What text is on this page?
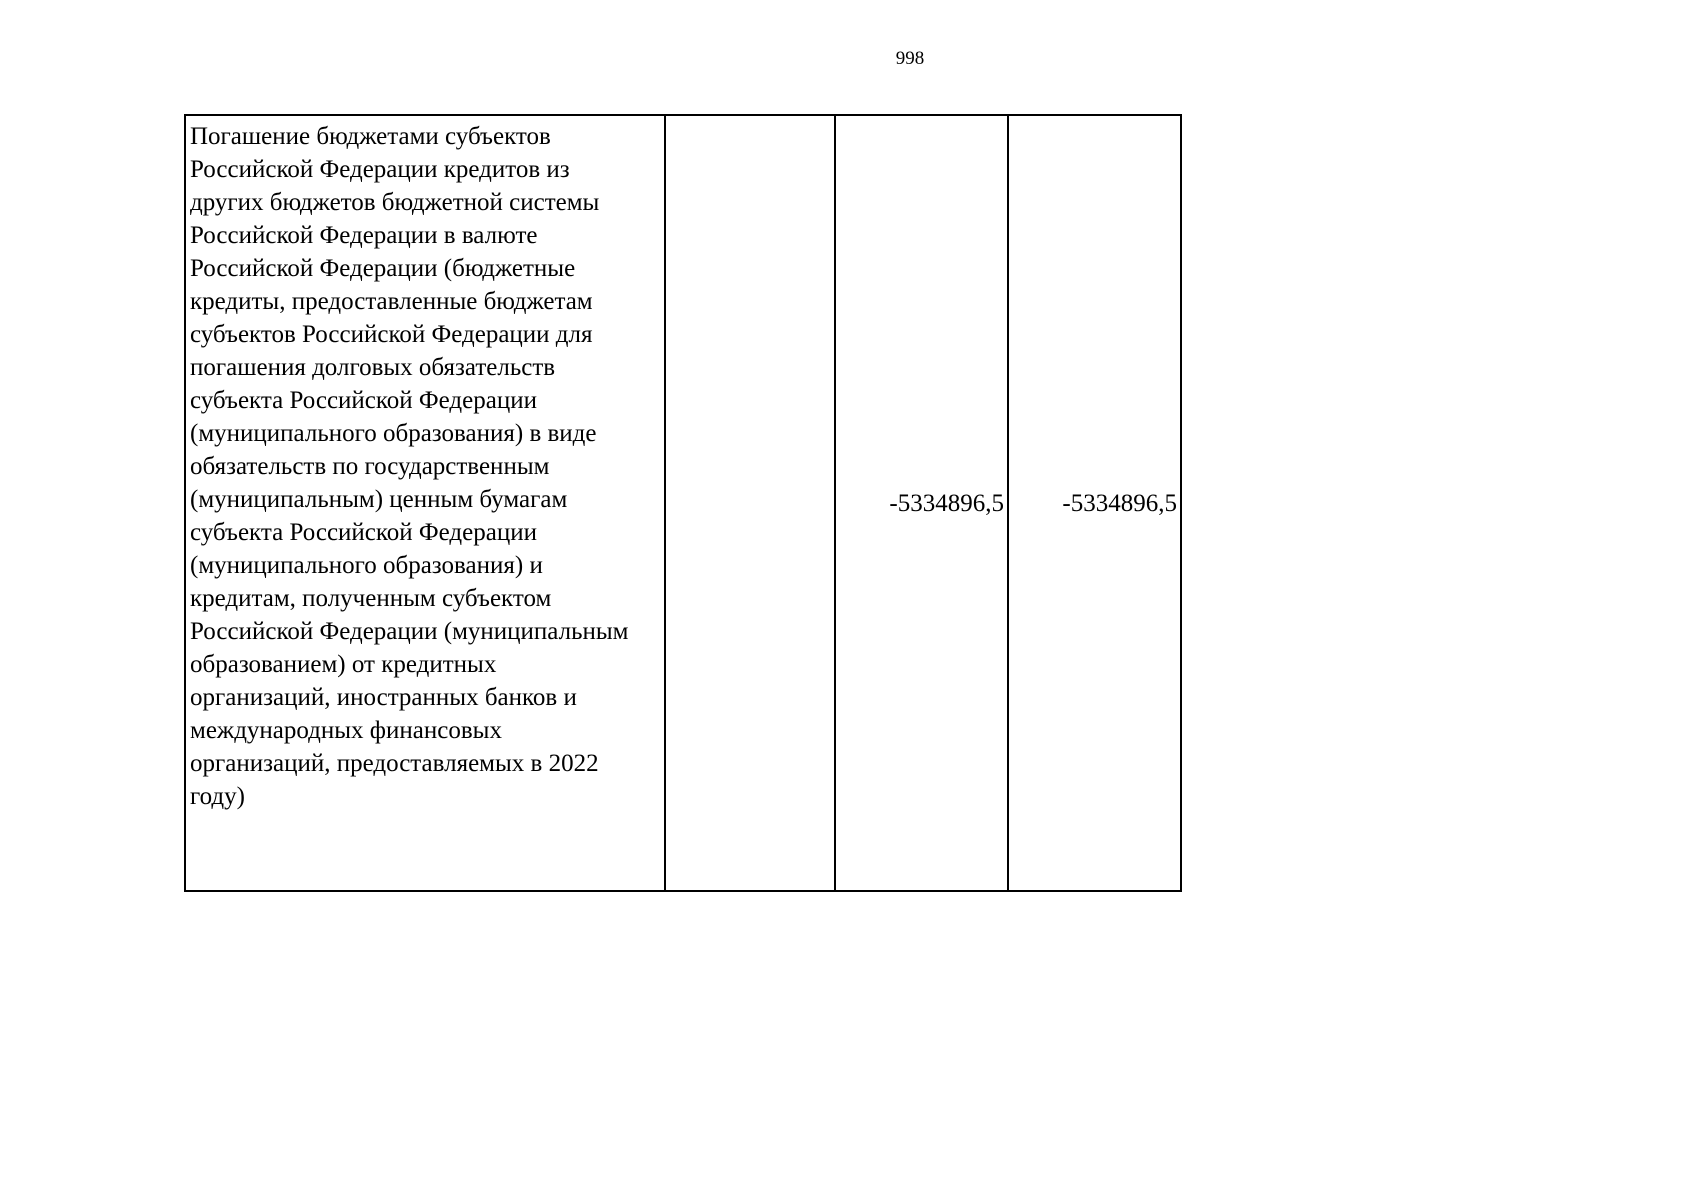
998
Погашение бюджетами субъектов
Российской Федерации кредитов из
других бюджетов бюджетной системы
Российской Федерации в валюте
Российской Федерации (бюджетные
кредиты, предоставленные бюджетам
субъектов Российской Федерации для
погашения долговых обязательств
субъекта Российской Федерации
(муниципального образования) в виде
обязательств по государственным
(муниципальным) ценным бумагам
субъекта Российской Федерации
(муниципального образования) и
кредитам, полученным субъектом
Российской Федерации (муниципальным
образованием) от кредитных
организаций, иностранных банков и
международных финансовых
организаций, предоставляемых в 2022
году)
		-5334896,5	-5334896,5
